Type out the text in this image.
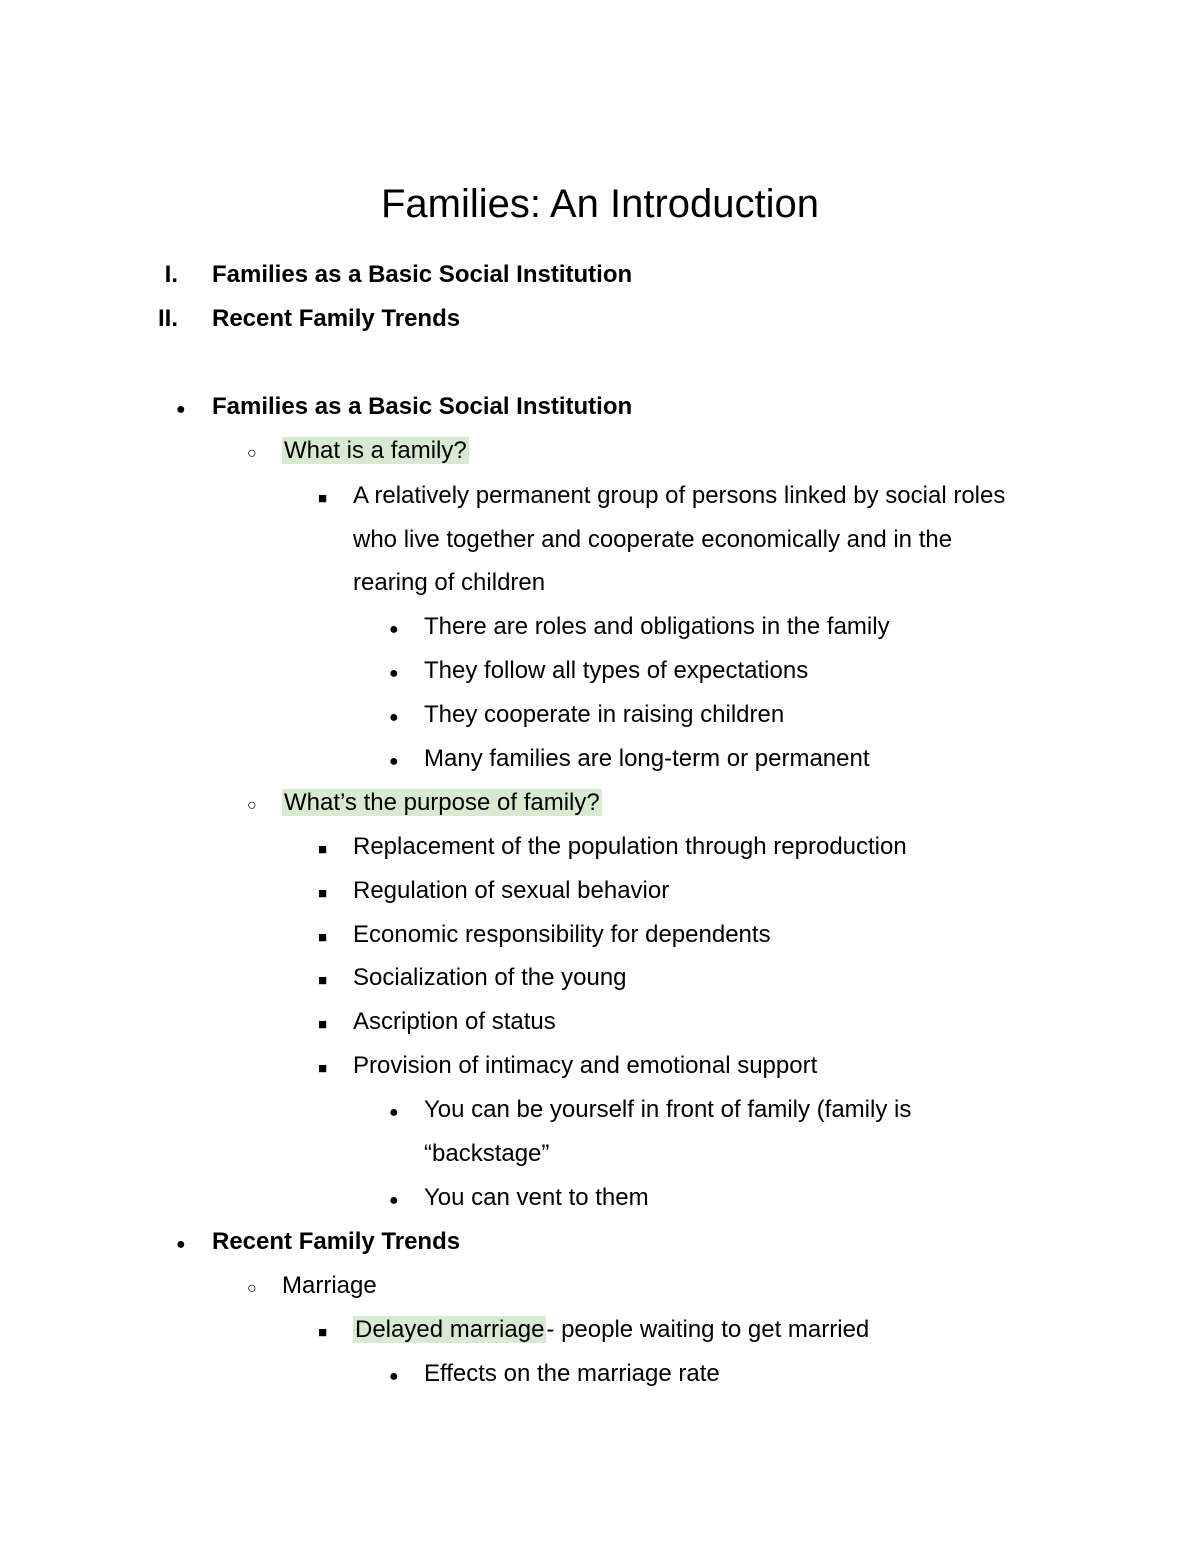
Families: An Introduction
I. Families as a Basic Social Institution
II. Recent Family Trends
●
Families as a Basic Social Institution
○
What is a family?
■
A relatively permanent group of persons linked by social roles
who live together and cooperate economically and in the
rearing of children
●
There are roles and obligations in the family
●
They follow all types of expectations
●
They cooperate in raising children
●
Many families are long-term or permanent
○
What’s the purpose of family?
■
Replacement of the population through reproduction
■
Regulation of sexual behavior
■
Economic responsibility for dependents
■
Socialization of the young
■
Ascription of status
■
Provision of intimacy and emotional support
●
You can be yourself in front of family (family is
“backstage”
●
You can vent to them
●
Recent Family Trends
○
Marriage
■
Delayed marriage- people waiting to get married
●
Effects on the marriage rate
